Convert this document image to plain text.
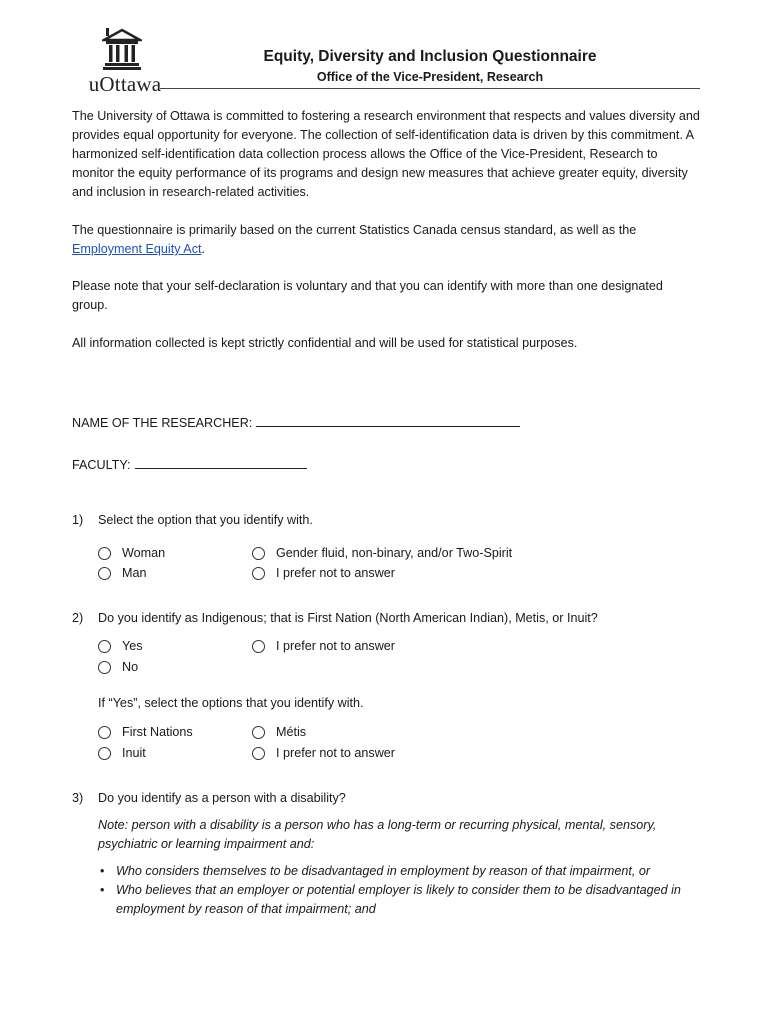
uOttawa
Equity, Diversity and Inclusion Questionnaire
Office of the Vice-President, Research
The University of Ottawa is committed to fostering a research environment that respects and values diversity and provides equal opportunity for everyone. The collection of self-identification data is driven by this commitment. A harmonized self-identification data collection process allows the Office of the Vice-President, Research to monitor the equity performance of its programs and design new measures that achieve greater equity, diversity and inclusion in research-related activities.
The questionnaire is primarily based on the current Statistics Canada census standard, as well as the Employment Equity Act.
Please note that your self-declaration is voluntary and that you can identify with more than one designated group.
All information collected is kept strictly confidential and will be used for statistical purposes.
NAME OF THE RESEARCHER:
FACULTY:
1) Select the option that you identify with.
Woman
Man
Gender fluid, non-binary, and/or Two-Spirit
I prefer not to answer
2) Do you identify as Indigenous; that is First Nation (North American Indian), Metis, or Inuit?
Yes
No
I prefer not to answer
If “Yes”, select the options that you identify with.
First Nations
Inuit
Métis
I prefer not to answer
3) Do you identify as a person with a disability?
Note: person with a disability is a person who has a long-term or recurring physical, mental, sensory, psychiatric or learning impairment and:
• Who considers themselves to be disadvantaged in employment by reason of that impairment, or
• Who believes that an employer or potential employer is likely to consider them to be disadvantaged in employment by reason of that impairment; and
